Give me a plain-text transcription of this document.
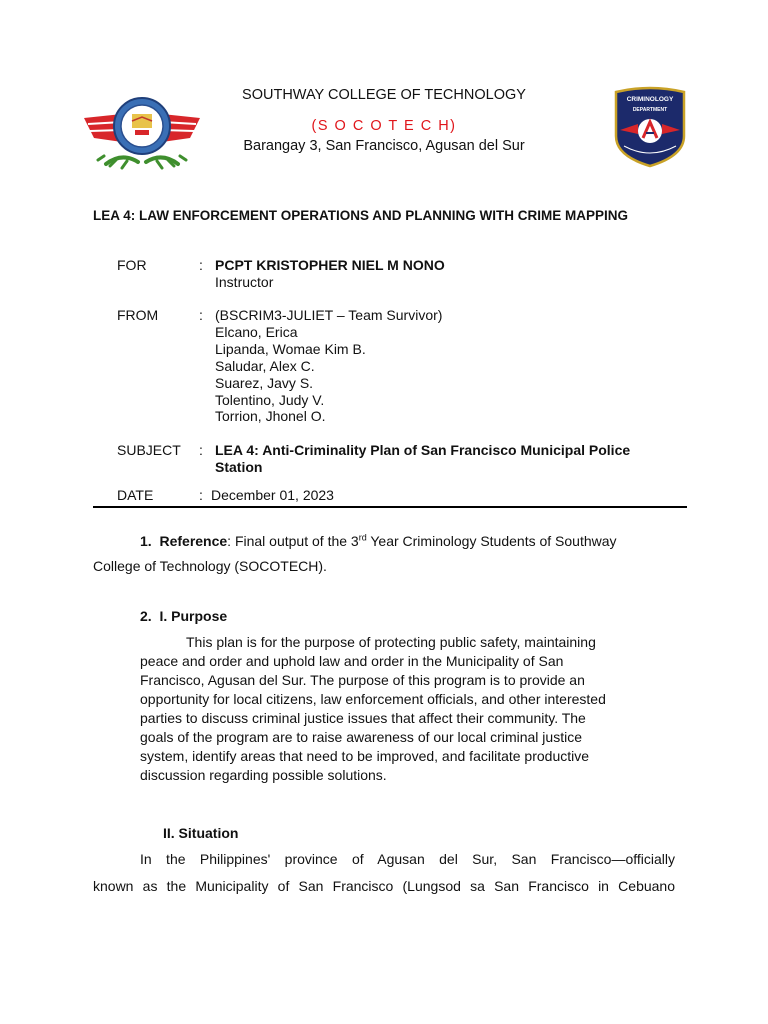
CRIMINOLOGY
DEPARTMENT
SOUTHWAY COLLEGE OF TECHNOLOGY
(S O C O T E C H)
Barangay 3, San Francisco, Agusan del Sur
LEA 4: LAW ENFORCEMENT OPERATIONS AND PLANNING WITH CRIME MAPPING
FOR	: PCPT KRISTOPHER NIEL M NONO
Instructor
FROM	: (BSCRIM3-JULIET – Team Survivor)
Elcano, Erica
Lipanda, Womae Kim B.
Saludar, Alex C.
Suarez, Javy S.
Tolentino, Judy V.
Torrion, Jhonel O.
SUBJECT : LEA 4: Anti-Criminality Plan of San Francisco Municipal Police
Station
DATE	: December 01, 2023
1. Reference: Final output of the 3rd Year Criminology Students of Southway
College of Technology (SOCOTECH).
2. I. Purpose
This plan is for the purpose of protecting public safety, maintaining
peace and order and uphold law and order in the Municipality of San
Francisco, Agusan del Sur. The purpose of this program is to provide an
opportunity for local citizens, law enforcement officials, and other interested
parties to discuss criminal justice issues that affect their community. The
goals of the program are to raise awareness of our local criminal justice
system, identify areas that need to be improved, and facilitate productive
discussion regarding possible solutions.
II. Situation
In the Philippines' province of Agusan del Sur, San Francisco—officially
known as the Municipality of San Francisco (Lungsod sa San Francisco in Cebuano
